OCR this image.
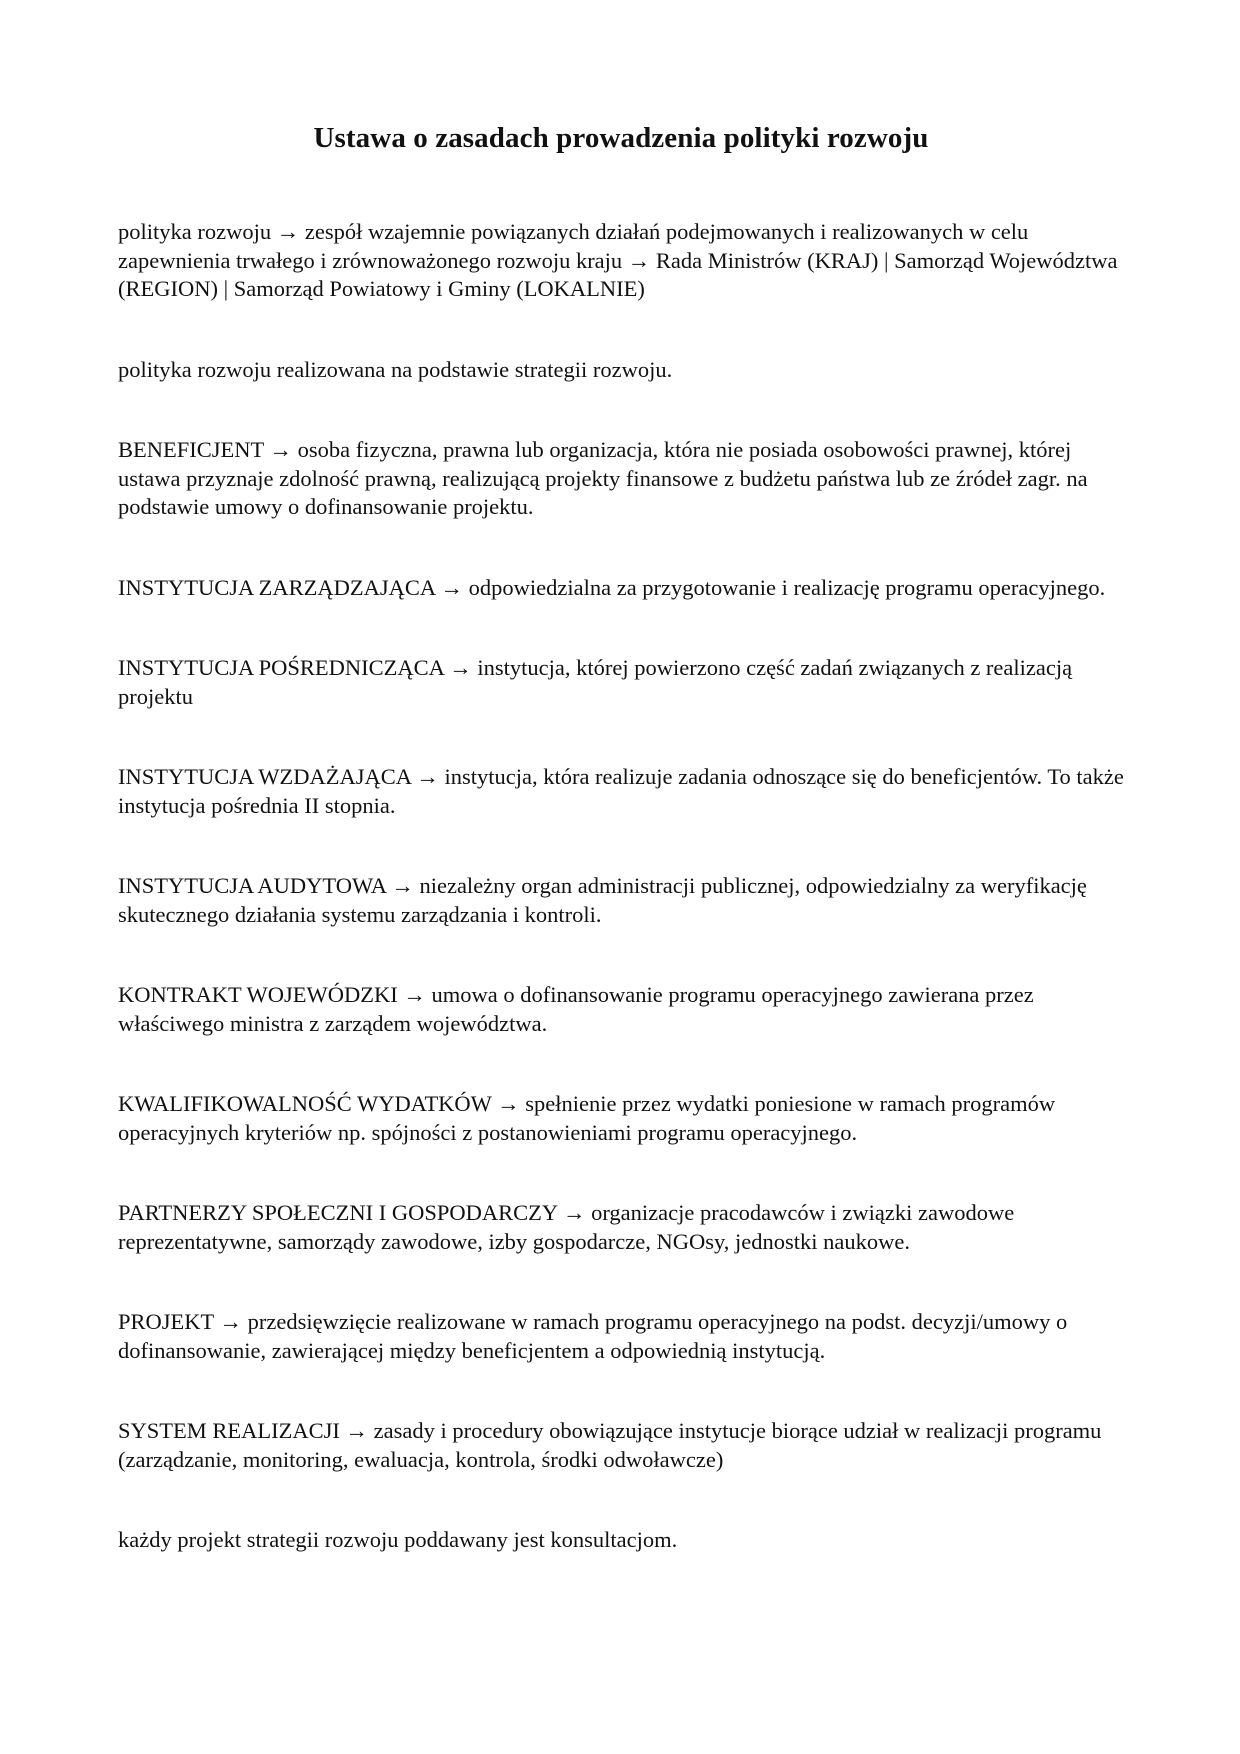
Ustawa o zasadach prowadzenia polityki rozwoju

polityka rozwoju → zespół wzajemnie powiązanych działań podejmowanych i realizowanych w celu zapewnienia trwałego i zrównoważonego rozwoju kraju → Rada Ministrów (KRAJ) | Samorząd Województwa (REGION) | Samorząd Powiatowy i Gminy (LOKALNIE)

polityka rozwoju realizowana na podstawie strategii rozwoju.

BENEFICJENT → osoba fizyczna, prawna lub organizacja, która nie posiada osobowości prawnej, której ustawa przyznaje zdolność prawną, realizującą projekty finansowe z budżetu państwa lub ze źródeł zagr. na podstawie umowy o dofinansowanie projektu.

INSTYTUCJA ZARZĄDZAJĄCA → odpowiedzialna za przygotowanie i realizację programu operacyjnego.

INSTYTUCJA POŚREDNICZĄCA → instytucja, której powierzono część zadań związanych z realizacją projektu

INSTYTUCJA WZDAŻAJĄCA → instytucja, która realizuje zadania odnoszące się do beneficjentów. To także instytucja pośrednia II stopnia.

INSTYTUCJA AUDYTOWA → niezależny organ administracji publicznej, odpowiedzialny za weryfikację skutecznego działania systemu zarządzania i kontroli.

KONTRAKT WOJEWÓDZKI → umowa o dofinansowanie programu operacyjnego zawierana przez właściwego ministra z zarządem województwa.

KWALIFIKOWALNOŚĆ WYDATKÓW → spełnienie przez wydatki poniesione w ramach programów operacyjnych kryteriów np. spójności z postanowieniami programu operacyjnego.

PARTNERZY SPOŁECZNI I GOSPODARCZY → organizacje pracodawców i związki zawodowe reprezentatywne, samorządy zawodowe, izby gospodarcze, NGOsy, jednostki naukowe.

PROJEKT → przedsięwzięcie realizowane w ramach programu operacyjnego na podst. decyzji/umowy o dofinansowanie, zawierającej między beneficjentem a odpowiednią instytucją.

SYSTEM REALIZACJI → zasady i procedury obowiązujące instytucje biorące udział w realizacji programu (zarządzanie, monitoring, ewaluacja, kontrola, środki odwoławcze)

każdy projekt strategii rozwoju poddawany jest konsultacjom.
